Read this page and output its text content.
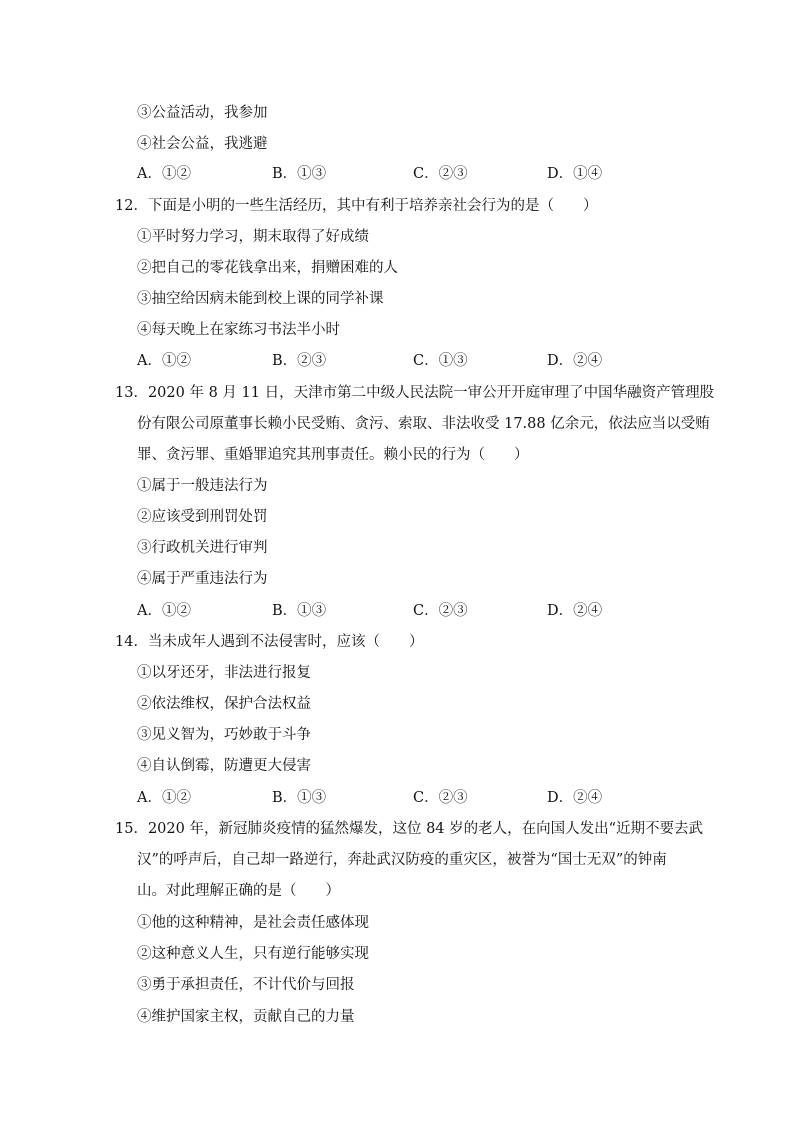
③公益活动，我参加
④社会公益，我逃避
A．①②	B．①③	C．②③	D．①④
12．下面是小明的一些生活经历，其中有利于培养亲社会行为的是（　　）
①平时努力学习，期末取得了好成绩
②把自己的零花钱拿出来，捐赠困难的人
③抽空给因病未能到校上课的同学补课
④每天晚上在家练习书法半小时
A．①②	B．②③	C．①③	D．②④
13．2020 年 8 月 11 日，天津市第二中级人民法院一审公开开庭审理了中国华融资产管理股
份有限公司原董事长赖小民受贿、贪污、索取、非法收受 17.88 亿余元，依法应当以受贿
罪、贪污罪、重婚罪追究其刑事责任。赖小民的行为（　　）
①属于一般违法行为
②应该受到刑罚处罚
③行政机关进行审判
④属于严重违法行为
A．①②	B．①③	C．②③	D．②④
14．当未成年人遇到不法侵害时，应该（　　）
①以牙还牙，非法进行报复
②依法维权，保护合法权益
③见义智为，巧妙敢于斗争
④自认倒霉，防遭更大侵害
A．①②	B．①③	C．②③	D．②④
15．2020 年，新冠肺炎疫情的猛然爆发，这位 84 岁的老人，在向国人发出“近期不要去武
汉”的呼声后，自己却一路逆行，奔赴武汉防疫的重灾区，被誉为“国士无双”的钟南
山。对此理解正确的是（　　）
①他的这种精神，是社会责任感体现
②这种意义人生，只有逆行能够实现
③勇于承担责任，不计代价与回报
④维护国家主权，贡献自己的力量
